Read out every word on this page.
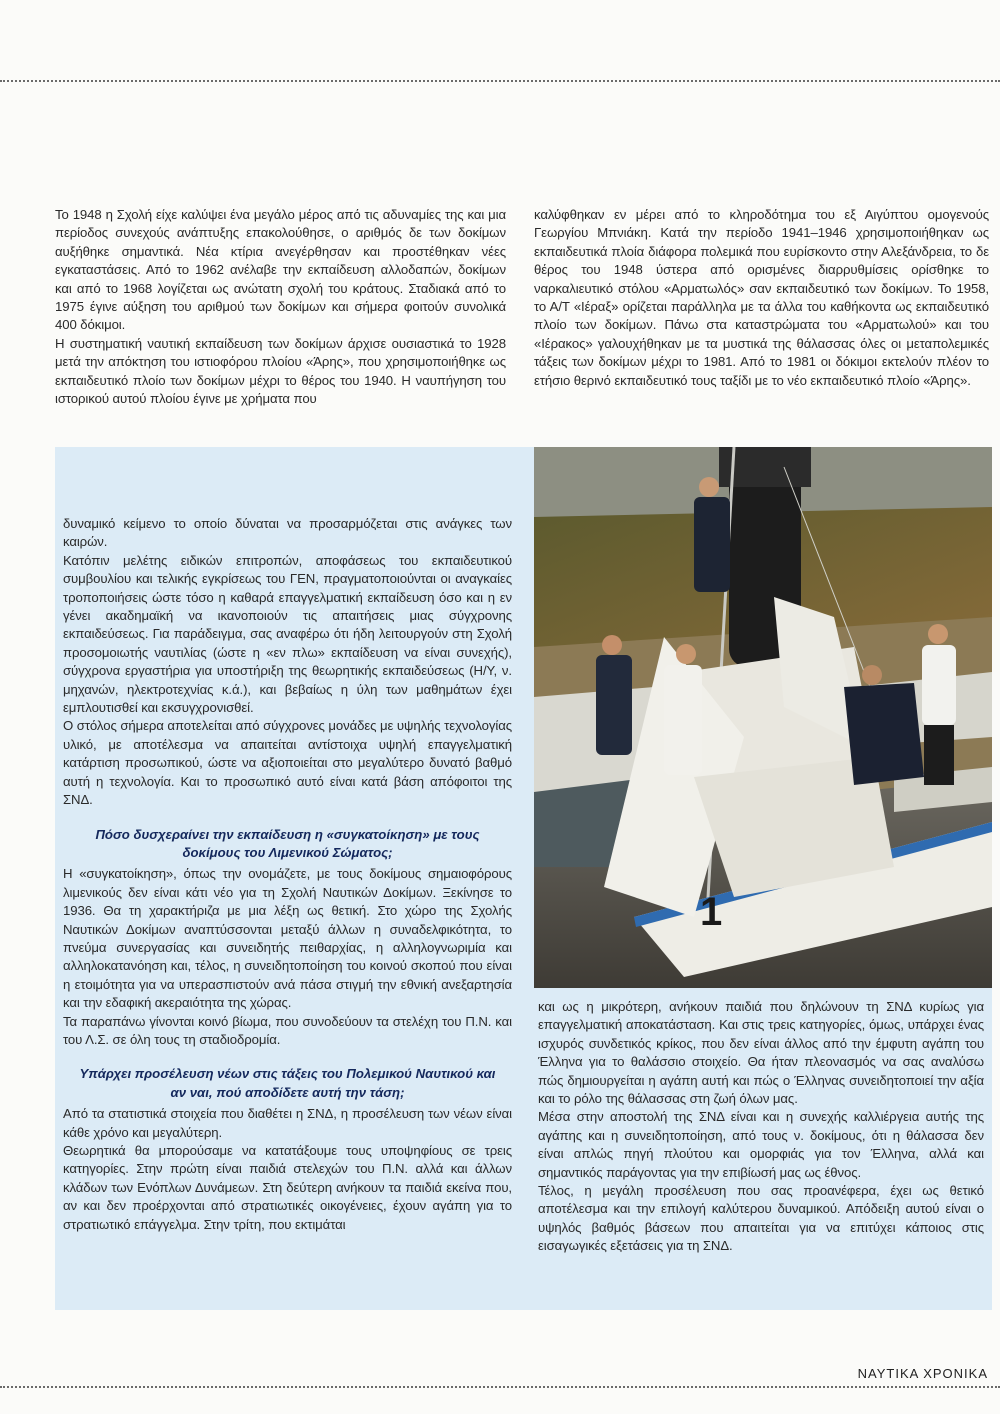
Το 1948 η Σχολή είχε καλύψει ένα μεγάλο μέρος από τις αδυναμίες της και μια περίοδος συνεχούς ανάπτυξης επακολούθησε, ο αριθμός δε των δοκίμων αυξήθηκε σημαντικά. Νέα κτίρια ανεγέρθησαν και προστέθηκαν νέες εγκαταστάσεις. Από το 1962 ανέλαβε την εκπαίδευση αλλοδαπών, δοκίμων και από το 1968 λογίζεται ως ανώτατη σχολή του κράτους. Σταδιακά από το 1975 έγινε αύξηση του αριθμού των δοκίμων και σήμερα φοιτούν συνολικά 400 δόκιμοι.

Η συστηματική ναυτική εκπαίδευση των δοκίμων άρχισε ουσιαστικά το 1928 μετά την απόκτηση του ιστιοφόρου πλοίου «Άρης», που χρησιμοποιήθηκε ως εκπαιδευτικό πλοίο των δοκίμων μέχρι το θέρος του 1940. Η ναυπήγηση του ιστορικού αυτού πλοίου έγινε με χρήματα που

καλύφθηκαν εν μέρει από το κληροδότημα του εξ Αιγύπτου ομογενούς Γεωργίου Μπνιάκη. Κατά την περίοδο 1941–1946 χρησιμοποιήθηκαν ως εκπαιδευτικά πλοία διάφορα πολεμικά που ευρίσκοντο στην Αλεξάνδρεια, το δε θέρος του 1948 ύστερα από ορισμένες διαρρυθμίσεις ορίσθηκε το ναρκαλιευτικό στόλου «Αρματωλός» σαν εκπαιδευτικό των δοκίμων. Το 1958, το Α/Τ «Ιέραξ» ορίζεται παράλληλα με τα άλλα του καθήκοντα ως εκπαιδευτικό πλοίο των δοκίμων. Πάνω στα καταστρώματα του «Αρματωλού» και του «Ιέρακος» γαλουχήθηκαν με τα μυστικά της θάλασσας όλες οι μεταπολεμικές τάξεις των δοκίμων μέχρι το 1981. Από το 1981 οι δόκιμοι εκτελούν πλέον το ετήσιο θερινό εκπαιδευτικό τους ταξίδι με το νέο εκπαιδευτικό πλοίο «Άρης».

1

δυναμικό κείμενο το οποίο δύναται να προσαρμόζεται στις ανάγκες των καιρών.

Κατόπιν μελέτης ειδικών επιτροπών, αποφάσεως του εκπαιδευτικού συμβουλίου και τελικής εγκρίσεως του ΓΕΝ, πραγματοποιούνται οι αναγκαίες τροποποιήσεις ώστε τόσο η καθαρά επαγγελματική εκπαίδευση όσο και η εν γένει ακαδημαϊκή να ικανοποιούν τις απαιτήσεις μιας σύγχρονης εκπαιδεύσεως. Για παράδειγμα, σας αναφέρω ότι ήδη λειτουργούν στη Σχολή προσομοιωτής ναυτιλίας (ώστε η «εν πλω» εκπαίδευση να είναι συνεχής), σύγχρονα εργαστήρια για υποστήριξη της θεωρητικής εκπαιδεύσεως (Η/Υ, ν. μηχανών, ηλεκτροτεχνίας κ.ά.), και βεβαίως η ύλη των μαθημάτων έχει εμπλουτισθεί και εκσυγχρονισθεί.

Ο στόλος σήμερα αποτελείται από σύγχρονες μονάδες με υψηλής τεχνολογίας υλικό, με αποτέλεσμα να απαιτείται αντίστοιχα υψηλή επαγγελματική κατάρτιση προσωπικού, ώστε να αξιοποιείται στο μεγαλύτερο δυνατό βαθμό αυτή η τεχνολογία. Και το προσωπικό αυτό είναι κατά βάση απόφοιτοι της ΣΝΔ.

Πόσο δυσχεραίνει την εκπαίδευση η «συγκατοίκηση» με τους δοκίμους του Λιμενικού Σώματος;

Η «συγκατοίκηση», όπως την ονομάζετε, με τους δοκίμους σημαιοφόρους λιμενικούς δεν είναι κάτι νέο για τη Σχολή Ναυτικών Δοκίμων. Ξεκίνησε το 1936. Θα τη χαρακτήριζα με μια λέξη ως θετική. Στο χώρο της Σχολής Ναυτικών Δοκίμων αναπτύσσονται μεταξύ άλλων η συναδελφικότητα, το πνεύμα συνεργασίας και συνειδητής πειθαρχίας, η αλληλογνωριμία και αλληλοκατανόηση και, τέλος, η συνειδητοποίηση του κοινού σκοπού που είναι η ετοιμότητα για να υπερασπιστούν ανά πάσα στιγμή την εθνική ανεξαρτησία και την εδαφική ακεραιότητα της χώρας.

Τα παραπάνω γίνονται κοινό βίωμα, που συνοδεύουν τα στελέχη του Π.Ν. και του Λ.Σ. σε όλη τους τη σταδιοδρομία.

Υπάρχει προσέλευση νέων στις τάξεις του Πολεμικού Ναυτικού και αν ναι, πού αποδίδετε αυτή την τάση;

Από τα στατιστικά στοιχεία που διαθέτει η ΣΝΔ, η προσέλευση των νέων είναι κάθε χρόνο και μεγαλύτερη.

Θεωρητικά θα μπορούσαμε να κατατάξουμε τους υποψηφίους σε τρεις κατηγορίες. Στην πρώτη είναι παιδιά στελεχών του Π.Ν. αλλά και άλλων κλάδων των Ενόπλων Δυνάμεων. Στη δεύτερη ανήκουν τα παιδιά εκείνα που, αν και δεν προέρχονται από στρατιωτικές οικογένειες, έχουν αγάπη για το στρατιωτικό επάγγελμα. Στην τρίτη, που εκτιμάται

και ως η μικρότερη, ανήκουν παιδιά που δηλώνουν τη ΣΝΔ κυρίως για επαγγελματική αποκατάσταση. Και στις τρεις κατηγορίες, όμως, υπάρχει ένας ισχυρός συνδετικός κρίκος, που δεν είναι άλλος από την έμφυτη αγάπη του Έλληνα για το θαλάσσιο στοιχείο. Θα ήταν πλεονασμός να σας αναλύσω πώς δημιουργείται η αγάπη αυτή και πώς ο Έλληνας συνειδητοποιεί την αξία και το ρόλο της θάλασσας στη ζωή όλων μας.

Μέσα στην αποστολή της ΣΝΔ είναι και η συνεχής καλλιέργεια αυτής της αγάπης και η συνειδητοποίηση, από τους ν. δοκίμους, ότι η θάλασσα δεν είναι απλώς πηγή πλούτου και ομορφιάς για τον Έλληνα, αλλά και σημαντικός παράγοντας για την επιβίωσή μας ως έθνος.

Τέλος, η μεγάλη προσέλευση που σας προανέφερα, έχει ως θετικό αποτέλεσμα και την επιλογή καλύτερου δυναμικού. Απόδειξη αυτού είναι ο υψηλός βαθμός βάσεων που απαιτείται για να επιτύχει κάποιος στις εισαγωγικές εξετάσεις για τη ΣΝΔ.

ΝΑΥΤΙΚΑ ΧΡΟΝΙΚΑ
